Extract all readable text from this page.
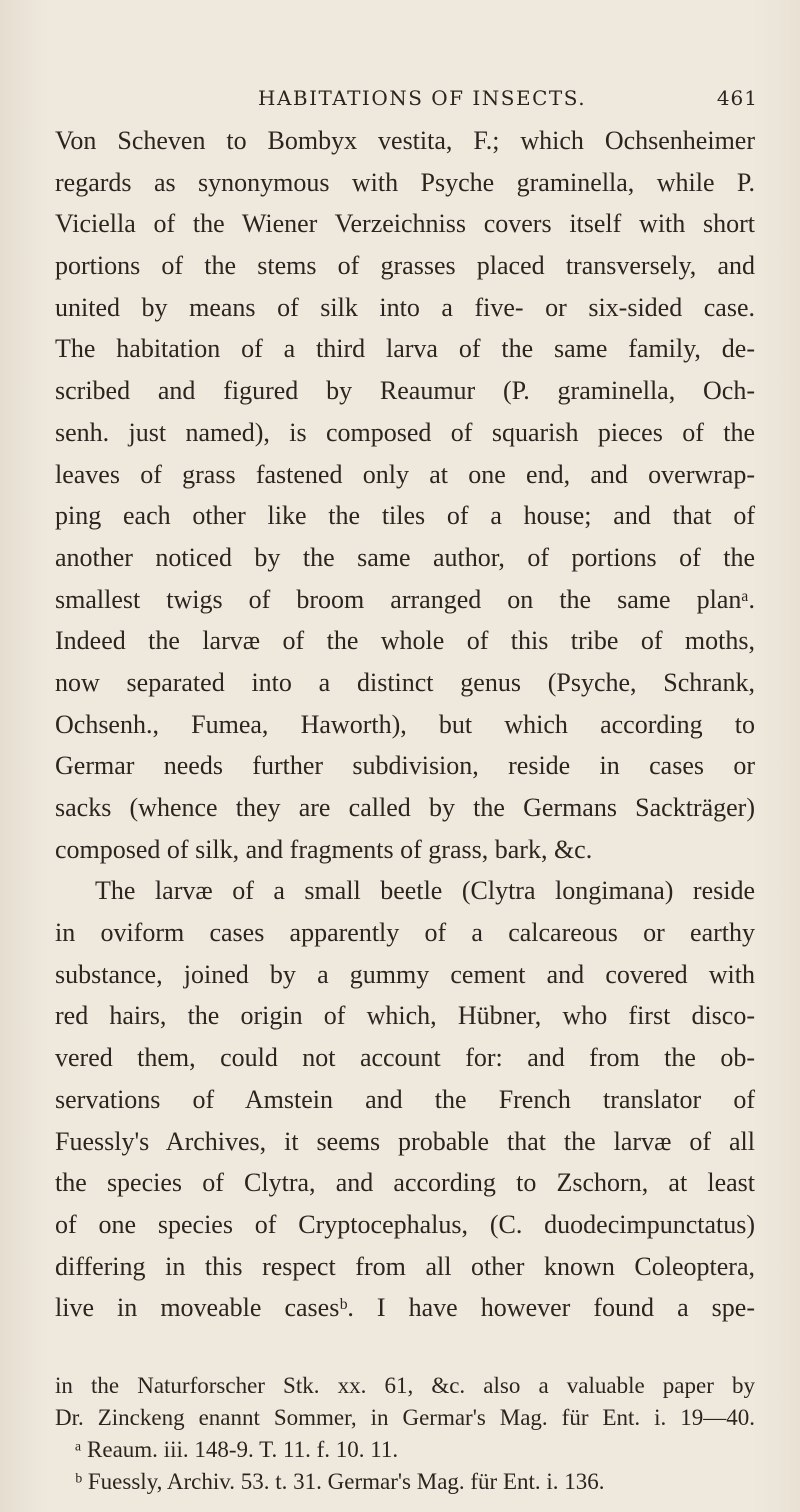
HABITATIONS OF INSECTS.	461
Von Scheven to Bombyx vestita, F.; which Ochsenheimer
regards as synonymous with Psyche graminella, while P.
Viciella of the Wiener Verzeichniss covers itself with short
portions of the stems of grasses placed transversely, and
united by means of silk into a five- or six-sided case.
The habitation of a third larva of the same family, de-
scribed and figured by Reaumur (P. graminella, Och-
senh. just named), is composed of squarish pieces of the
leaves of grass fastened only at one end, and overwrap-
ping each other like the tiles of a house; and that of
another noticed by the same author, of portions of the
smallest twigs of broom arranged on the same planᵃ.
Indeed the larvæ of the whole of this tribe of moths,
now separated into a distinct genus (Psyche, Schrank,
Ochsenh., Fumea, Haworth), but which according to
Germar needs further subdivision, reside in cases or
sacks (whence they are called by the Germans Sackträger)
composed of silk, and fragments of grass, bark, &c.
The larvæ of a small beetle (Clytra longimana) reside
in oviform cases apparently of a calcareous or earthy
substance, joined by a gummy cement and covered with
red hairs, the origin of which, Hübner, who first disco-
vered them, could not account for: and from the ob-
servations of Amstein and the French translator of
Fuessly's Archives, it seems probable that the larvæ of all
the species of Clytra, and according to Zschorn, at least
of one species of Cryptocephalus, (C. duodecimpunctatus)
differing in this respect from all other known Coleoptera,
live in moveable casesᵇ. I have however found a spe-
in the Naturforscher Stk. xx. 61, &c. also a valuable paper by
Dr. Zinckeng enannt Sommer, in Germar's Mag. für Ent. i. 19—40.
ᵃ Reaum. iii. 148-9. T. 11. f. 10. 11.
ᵇ Fuessly, Archiv. 53. t. 31. Germar's Mag. für Ent. i. 136.
